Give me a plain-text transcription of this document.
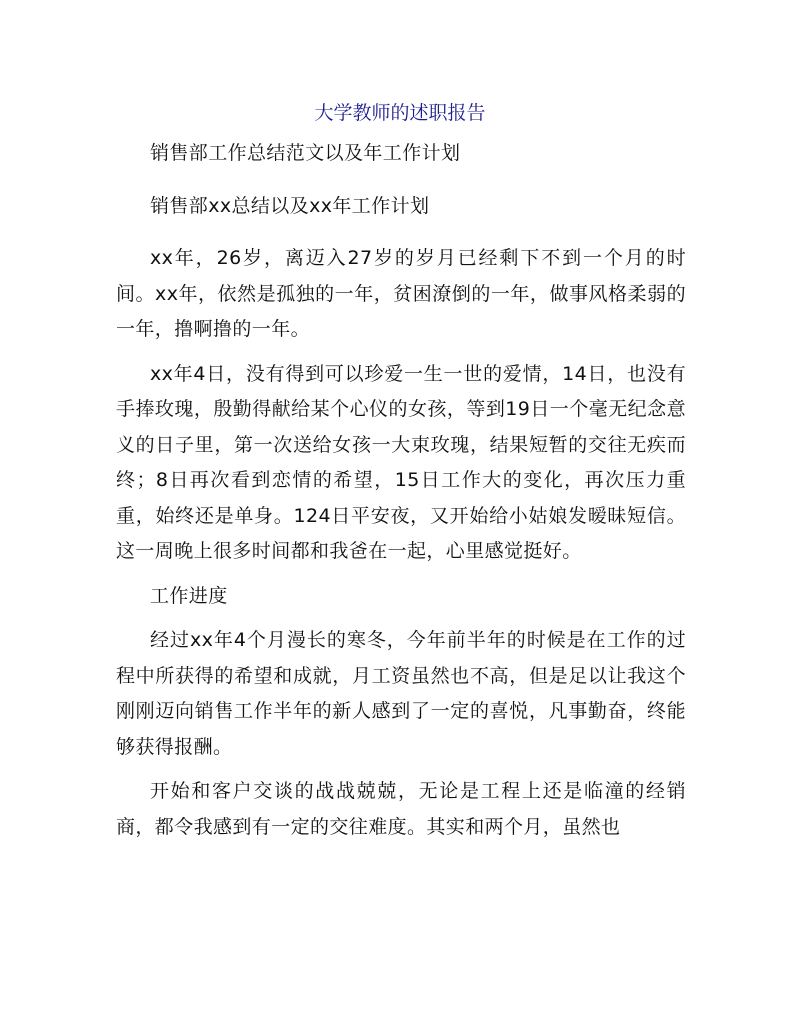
大学教师的述职报告

销售部工作总结范文以及年工作计划

销售部xx总结以及xx年工作计划

xx年，26岁，离迈入27岁的岁月已经剩下不到一个月的时间。xx年，依然是孤独的一年，贫困潦倒的一年，做事风格柔弱的一年，撸啊撸的一年。

xx年4日，没有得到可以珍爱一生一世的爱情，14日，也没有手捧玫瑰，殷勤得献给某个心仪的女孩，等到19日一个毫无纪念意义的日子里，第一次送给女孩一大束玫瑰，结果短暂的交往无疾而终；8日再次看到恋情的希望，15日工作大的变化，再次压力重重，始终还是单身。124日平安夜，又开始给小姑娘发暧昧短信。这一周晚上很多时间都和我爸在一起，心里感觉挺好。

工作进度

经过xx年4个月漫长的寒冬，今年前半年的时候是在工作的过程中所获得的希望和成就，月工资虽然也不高，但是足以让我这个刚刚迈向销售工作半年的新人感到了一定的喜悦，凡事勤奋，终能够获得报酬。

开始和客户交谈的战战兢兢，无论是工程上还是临潼的经销商，都令我感到有一定的交往难度。其实和两个月，虽然也
